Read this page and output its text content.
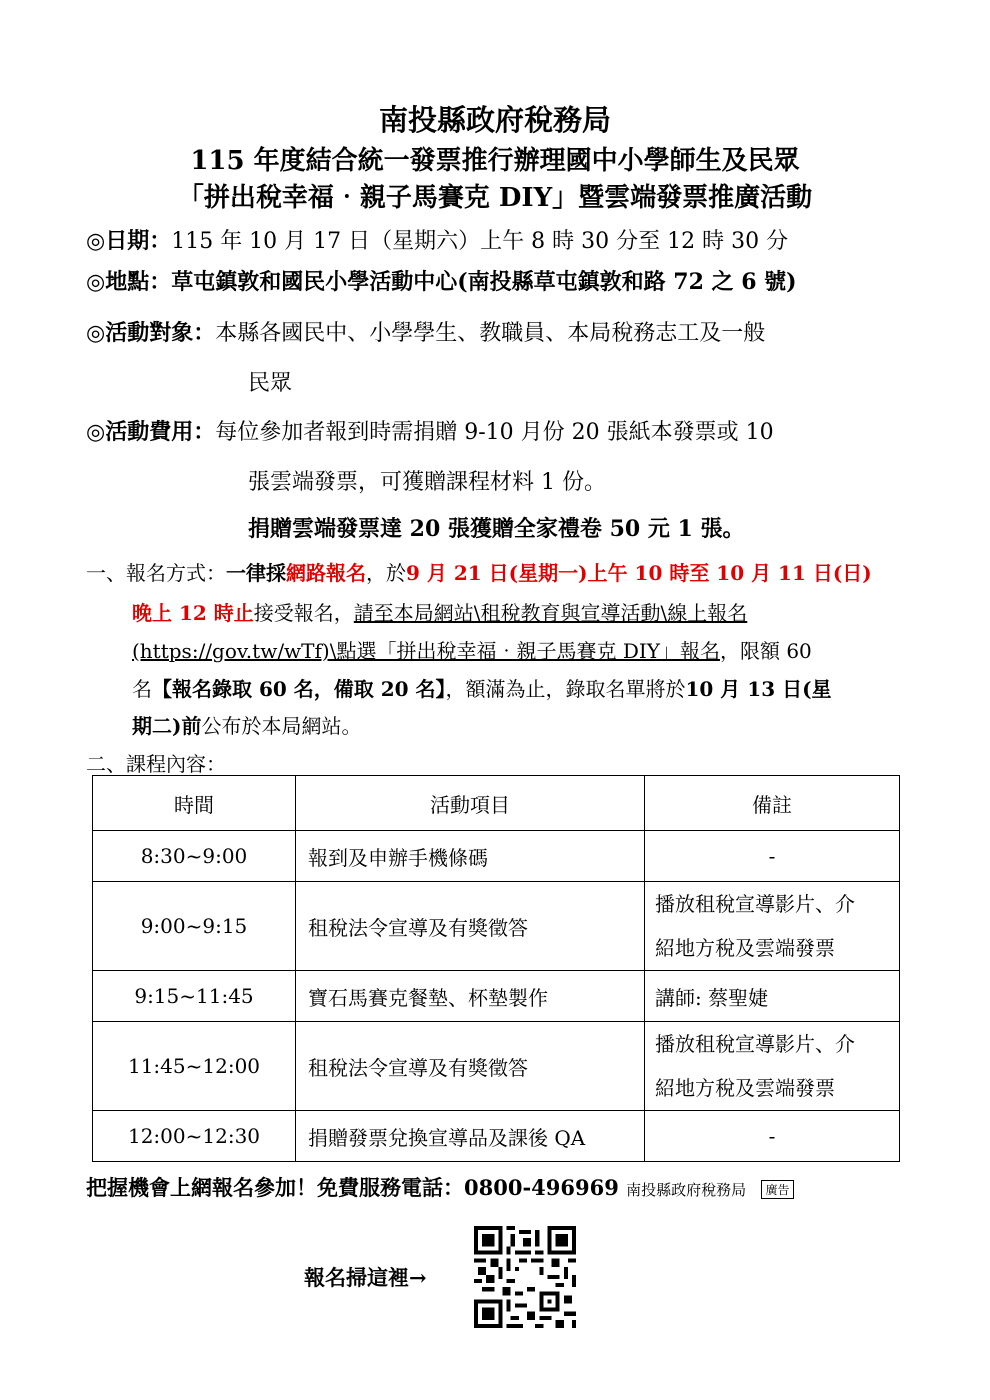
南投縣政府稅務局
115 年度結合統一發票推行辦理國中小學師生及民眾
「拼出稅幸福‧親子馬賽克 DIY」暨雲端發票推廣活動
◎日期：115 年 10 月 17 日（星期六）上午 8 時 30 分至 12 時 30 分
◎地點：草屯鎮敦和國民小學活動中心(南投縣草屯鎮敦和路 72 之 6 號)
◎活動對象：本縣各國民中、小學學生、教職員、本局稅務志工及一般
民眾
◎活動費用：每位參加者報到時需捐贈 9-10 月份 20 張紙本發票或 10
張雲端發票，可獲贈課程材料 1 份。
捐贈雲端發票達 20 張獲贈全家禮卷 50 元 1 張。
一、報名方式：一律採網路報名，於9 月 21 日(星期一)上午 10 時至 10 月 11 日(日)
晚上 12 時止接受報名，請至本局網站\租稅教育與宣導活動\線上報名
(https://gov.tw/wTf)\點選「拼出稅幸福‧親子馬賽克 DIY」報名，限額 60
名【報名錄取 60 名，備取 20 名】，額滿為止，錄取名單將於10 月 13 日(星
期二)前公布於本局網站。
二、課程內容：
時間	活動項目	備註
8:30~9:00	報到及申辦手機條碼	-
9:00~9:15	租稅法令宣導及有獎徵答	播放租稅宣導影片、介
紹地方稅及雲端發票

9:15~11:45	寶石馬賽克餐墊、杯墊製作	講師: 蔡聖婕
11:45~12:00	租稅法令宣導及有獎徵答	播放租稅宣導影片、介
紹地方稅及雲端發票

12:00~12:30	捐贈發票兌換宣導品及課後 QA	-
把握機會上網報名參加！免費服務電話：0800-496969 南投縣政府稅務局 廣告
報名掃這裡→
